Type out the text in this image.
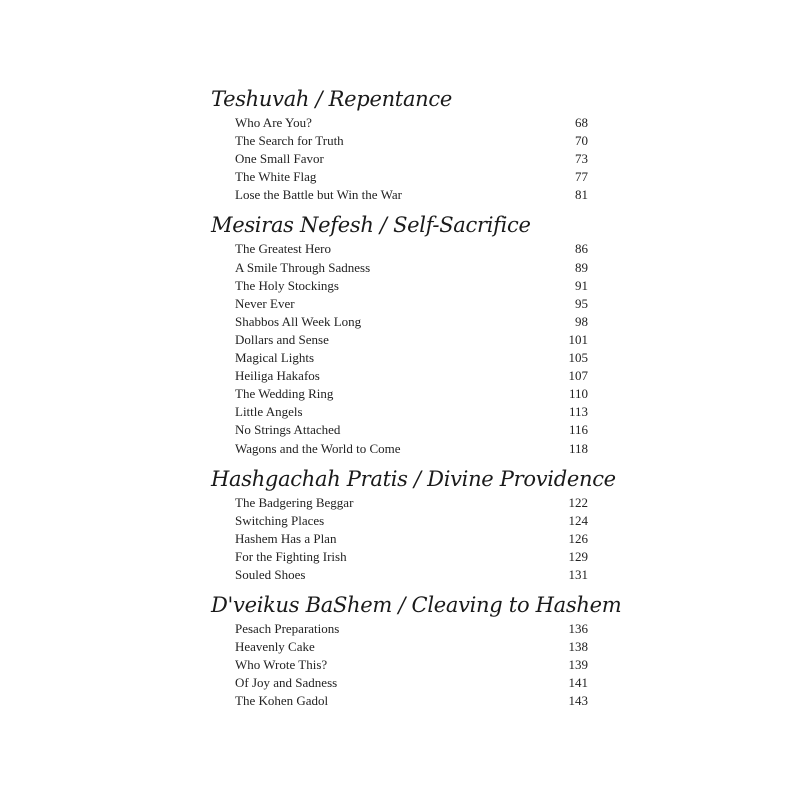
Teshuvah / Repentance
Who Are You?	68
The Search for Truth	70
One Small Favor	73
The White Flag	77
Lose the Battle but Win the War	81
Mesiras Nefesh / Self-Sacrifice
The Greatest Hero	86
A Smile Through Sadness	89
The Holy Stockings	91
Never Ever	95
Shabbos All Week Long	98
Dollars and Sense	101
Magical Lights	105
Heiliga Hakafos	107
The Wedding Ring	110
Little Angels	113
No Strings Attached	116
Wagons and the World to Come	118
Hashgachah Pratis / Divine Providence
The Badgering Beggar	122
Switching Places	124
Hashem Has a Plan	126
For the Fighting Irish	129
Souled Shoes	131
D'veikus BaShem / Cleaving to Hashem
Pesach Preparations	136
Heavenly Cake	138
Who Wrote This?	139
Of Joy and Sadness	141
The Kohen Gadol	143
